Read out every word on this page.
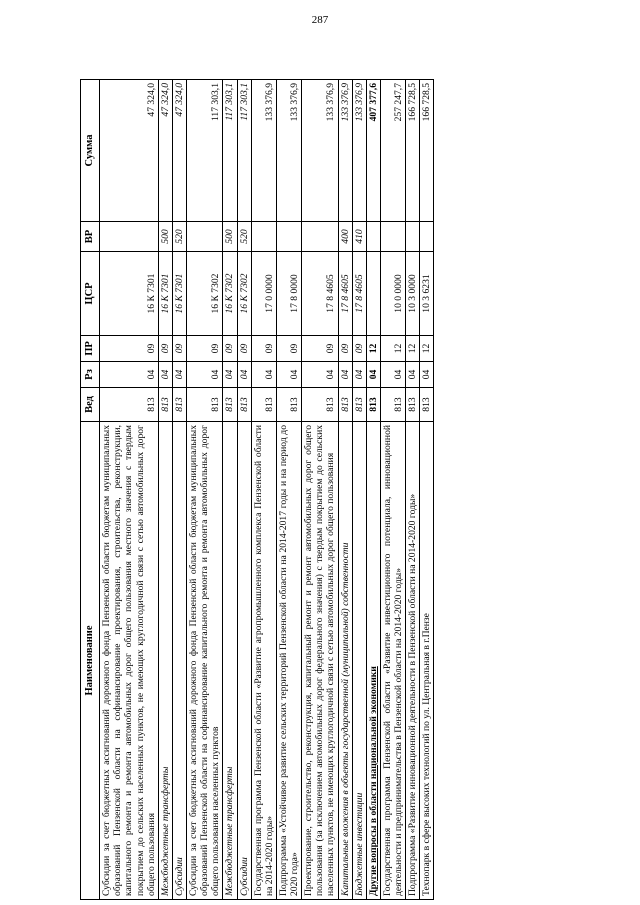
287
Наименование	Вед	Рз	ПР	ЦСР	ВР	Сумма
Субсидии за счет бюджетных ассигнований дорожного фонда Пензенской области бюджетам муниципальных образований Пензенской области на софинансирование проектирования, строительства, реконструкции, капитального ремонта и ремонта автомобильных дорог общего пользования местного значения с твердым покрытием до сельских населенных пунктов, не имеющих круглогодичной связи с сетью автомобильных дорог общего пользования	813	04	09	16 К 7301		47 324,0
Межбюджетные трансферты	813	04	09	16 К 7301	500	47 324,0
Субсидии	813	04	09	16 К 7301	520	47 324,0
Субсидии за счет бюджетных ассигнований дорожного фонда Пензенской области бюджетам муниципальных образований Пензенской области на софинансирование капитального ремонта и ремонта автомобильных дорог общего пользования населенных пунктов	813	04	09	16 К 7302		117 303,1
Межбюджетные трансферты	813	04	09	16 К 7302	500	117 303,1
Субсидии	813	04	09	16 К 7302	520	117 303,1
Государственная программа Пензенской области «Развитие агропромышленного комплекса Пензенской области на 2014-2020 годы»	813	04	09	17 0 0000		133 376,9
Подпрограмма «Устойчивое развитие сельских территорий Пензенской области на 2014-2017 годы и на период до 2020 года»	813	04	09	17 8 0000		133 376,9
Проектирование, строительство, реконструкция, капитальный ремонт и ремонт автомобильных дорог общего пользования (за исключением автомобильных дорог федерального значения) с твердым покрытием до сельских населенных пунктов, не имеющих круглогодичной связи с сетью автомобильных дорог общего пользования	813	04	09	17 8 4605		133 376,9
Капитальные вложения в объекты государственной (муниципальной) собственности	813	04	09	17 8 4605	400	133 376,9
Бюджетные инвестиции	813	04	09	17 8 4605	410	133 376,9
Другие вопросы в области национальной экономики	813	04	12			407 377,6
Государственная программа Пензенской области «Развитие инвестиционного потенциала, инновационной деятельности и предпринимательства в Пензенской области на 2014-2020 годы»	813	04	12	10 0 0000		257 247,7
Подпрограмма «Развитие инновационной деятельности в Пензенской области на 2014-2020 годы»	813	04	12	10 3 0000		166 728,5
Технопарк в сфере высоких технологий по ул. Центральная в г.Пензе	813	04	12	10 3 6231		166 728,5
